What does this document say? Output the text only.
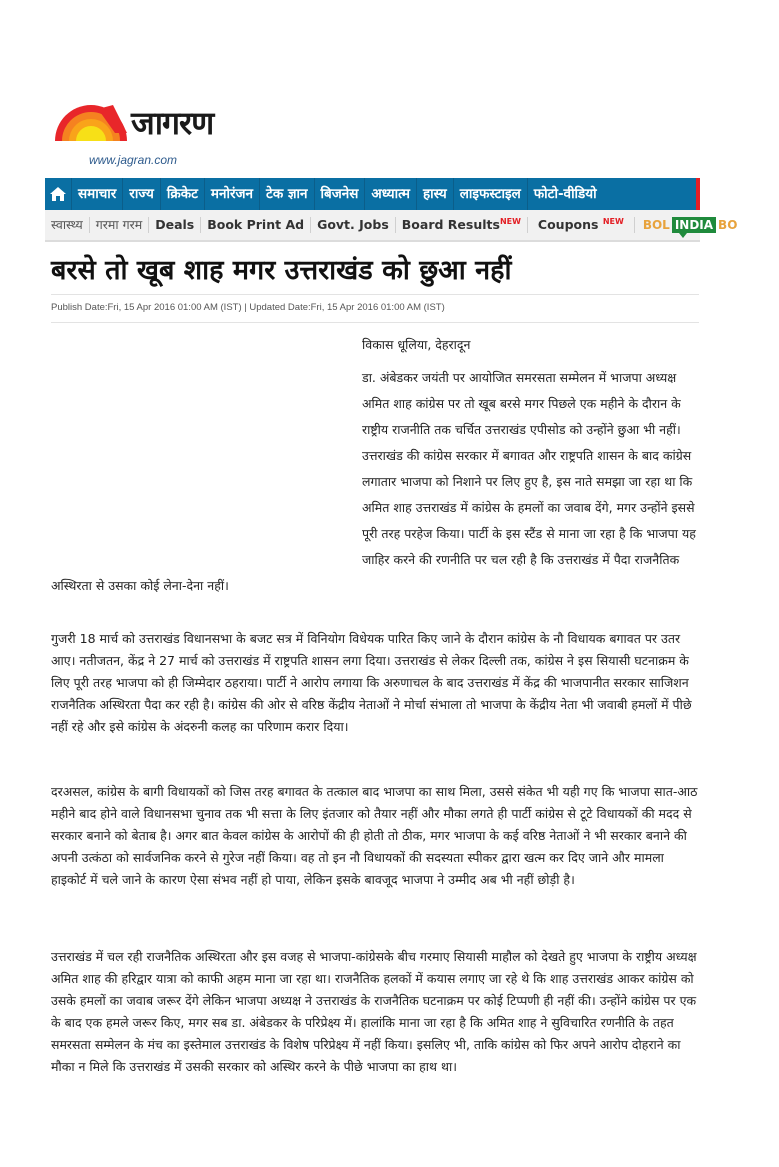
जागरण
www.jagran.com
समाचार राज्य क्रिकेट मनोरंजन टेक ज्ञान बिजनेस अध्यात्म हास्य लाइफस्टाइल फोटो-वीडियो
स्वास्थ्य	गरमा गरम	Deals	Book Print Ad	Govt. Jobs	Board Results$^{NEW}$	Coupons $^{NEW}$	BOL INDIA BO
बरसे तो खूब शाह मगर उत्तराखंड को छुआ नहीं
Publish Date:Fri, 15 Apr 2016 01:00 AM (IST) | Updated Date:Fri, 15 Apr 2016 01:00 AM (IST)
विकास धूलिया, देहरादून
डा. अंबेडकर जयंती पर आयोजित समरसता सम्मेलन में भाजपा अध्यक्ष अमित शाह कांग्रेस पर तो खूब बरसे मगर पिछले एक महीने के दौरान के राष्ट्रीय राजनीति तक चर्चित उत्तराखंड एपीसोड को उन्होंने छुआ भी नहीं। उत्तराखंड की कांग्रेस सरकार में बगावत और राष्ट्रपति शासन के बाद कांग्रेस लगातार भाजपा को निशाने पर लिए हुए है, इस नाते समझा जा रहा था कि अमित शाह उत्तराखंड में कांग्रेस के हमलों का जवाब देंगे, मगर उन्होंने इससे पूरी तरह परहेज किया। पार्टी के इस स्टैंड से माना जा रहा है कि भाजपा यह जाहिर करने की रणनीति पर चल रही है कि उत्तराखंड में पैदा राजनैतिक अस्थिरता से उसका कोई लेना-देना नहीं।

गुजरी 18 मार्च को उत्तराखंड विधानसभा के बजट सत्र में विनियोग विधेयक पारित किए जाने के दौरान कांग्रेस के नौ विधायक बगावत पर उतर आए। नतीजतन, केंद्र ने 27 मार्च को उत्तराखंड में राष्ट्रपति शासन लगा दिया। उत्तराखंड से लेकर दिल्ली तक, कांग्रेस ने इस सियासी घटनाक्रम के लिए पूरी तरह भाजपा को ही जिम्मेदार ठहराया। पार्टी ने आरोप लगाया कि अरुणाचल के बाद उत्तराखंड में केंद्र की भाजपानीत सरकार साजिशन राजनैतिक अस्थिरता पैदा कर रही है। कांग्रेस की ओर से वरिष्ठ केंद्रीय नेताओं ने मोर्चा संभाला तो भाजपा के केंद्रीय नेता भी जवाबी हमलों में पीछे नहीं रहे और इसे कांग्रेस के अंदरुनी कलह का परिणाम करार दिया।

दरअसल, कांग्रेस के बागी विधायकों को जिस तरह बगावत के तत्काल बाद भाजपा का साथ मिला, उससे संकेत भी यही गए कि भाजपा सात-आठ महीने बाद होने वाले विधानसभा चुनाव तक भी सत्ता के लिए इंतजार को तैयार नहीं और मौका लगते ही पार्टी कांग्रेस से टूटे विधायकों की मदद से सरकार बनाने को बेताब है। अगर बात केवल कांग्रेस के आरोपों की ही होती तो ठीक, मगर भाजपा के कई वरिष्ठ नेताओं ने भी सरकार बनाने की अपनी उत्कंठा को सार्वजनिक करने से गुरेज नहीं किया। वह तो इन नौ विधायकों की सदस्यता स्पीकर द्वारा खत्म कर दिए जाने और मामला हाइकोर्ट में चले जाने के कारण ऐसा संभव नहीं हो पाया, लेकिन इसके बावजूद भाजपा ने उम्मीद अब भी नहीं छोड़ी है।

उत्तराखंड में चल रही राजनैतिक अस्थिरता और इस वजह से भाजपा-कांग्रेसके बीच गरमाए सियासी माहौल को देखते हुए भाजपा के राष्ट्रीय अध्यक्ष अमित शाह की हरिद्वार यात्रा को काफी अहम माना जा रहा था। राजनैतिक हलकों में कयास लगाए जा रहे थे कि शाह उत्तराखंड आकर कांग्रेस को उसके हमलों का जवाब जरूर देंगे लेकिन भाजपा अध्यक्ष ने उत्तराखंड के राजनैतिक घटनाक्रम पर कोई टिप्पणी ही नहीं की। उन्होंने कांग्रेस पर एक के बाद एक हमले जरूर किए, मगर सब डा. अंबेडकर के परिप्रेक्ष्य में। हालांकि माना जा रहा है कि अमित शाह ने सुविचारित रणनीति के तहत समरसता सम्मेलन के मंच का इस्तेमाल उत्तराखंड के विशेष परिप्रेक्ष्य में नहीं किया। इसलिए भी, ताकि कांग्रेस को फिर अपने आरोप दोहराने का मौका न मिले कि उत्तराखंड में उसकी सरकार को अस्थिर करने के पीछे भाजपा का हाथ था।
